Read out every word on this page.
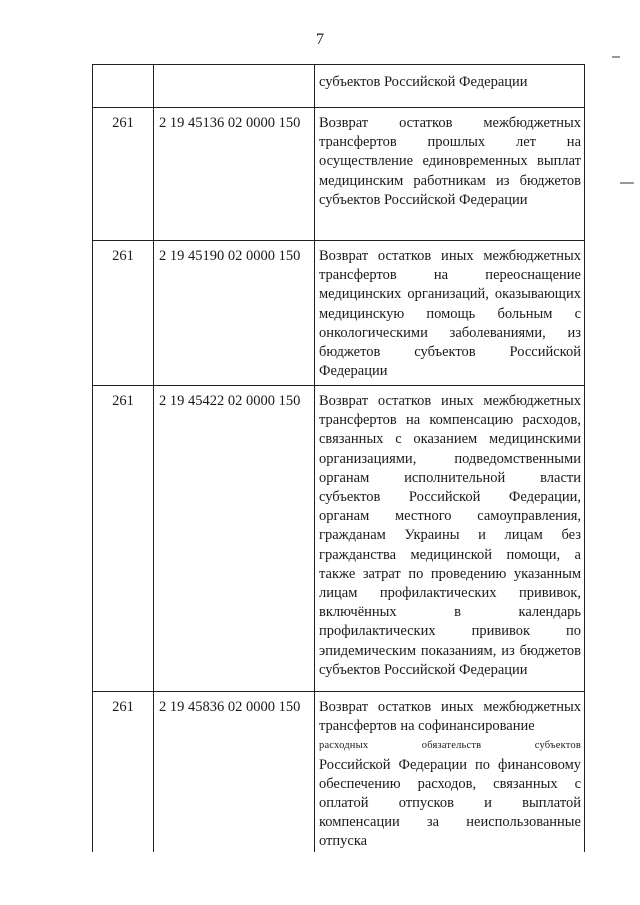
7
		субъектов Российской Федерации
261	2 19 45136 02 0000 150	Возврат остатков межбюджетных трансфертов прошлых лет на осуществление единовременных выплат медицинским работникам из бюджетов субъектов Российской Федерации
261	2 19 45190 02 0000 150	Возврат остатков иных межбюджетных трансфертов на переоснащение медицинских организаций, оказывающих медицинскую помощь больным с онкологическими заболеваниями, из бюджетов субъектов Российской Федерации
261	2 19 45422 02 0000 150	Возврат остатков иных межбюджетных трансфертов на компенсацию расходов, связанных с оказанием медицинскими организациями, подведомственными органам исполнительной власти субъектов Российской Федерации, органам местного самоуправления, гражданам Украины и лицам без гражданства медицинской помощи, а также затрат по проведению указанным лицам профилактических прививок, включённых в календарь профилактических прививок по эпидемическим показаниям, из бюджетов субъектов Российской Федерации
261	2 19 45836 02 0000 150	Возврат остатков иных межбюджетных трансфертов на софинансирование
расходных обязательств субъектов
Российской Федерации по финансовому обеспечению расходов, связанных с оплатой отпусков и выплатой компенсации за неиспользованные отпуска
